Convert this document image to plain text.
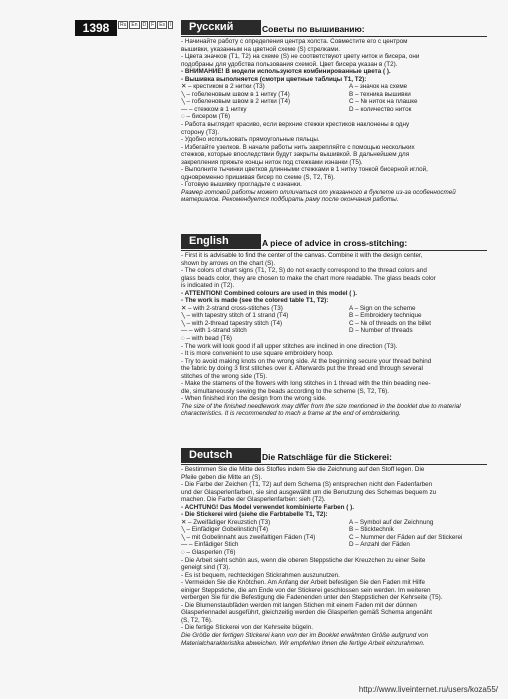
1398	Ru	En	D	F	Es	I	Русский	Советы по вышиванию:

- Начинайте работу с определения центра холста. Совместите его с центром

вышивки, указанным на цветной схеме (S) стрелками.

- Цвета значков (T1, T2) на схеме (S) не соответствуют цвету ниток и бисера, они

подобраны для удобства пользования схемой. Цвет бисера указан в (T2).

- ВНИМАНИЕ! В модели используются комбинированные цвета ( ).

- Вышивка выполняется (смотри цветные таблицы T1, T2):

✕ – крестиком в 2 нитки (T3)	A – значок на схеме
╲ – гобеленовым швом в 1 нитку (T4)	B – техника вышивки
╲ – гобеленовым швом в 2 нитки (T4)	C – № ниток на плашке
— – стежком в 1 нитку	D – количество ниток
◌ – бисером (T6)

- Работа выглядит красиво, если верхние стежки крестиков наклонены в одну

сторону (T3).

- Удобно использовать прямоугольные пяльцы.

- Избегайте узелков. В начале работы нить закрепляйте с помощью нескольких

стежков, которые впоследствии будут закрыты вышивкой. В дальнейшем для

закрепления пряжьте концы ниток под стежками изнанки (T5).

- Выполните тычинки цветков длинными стежками в 1 нитку тонкой бисерной иглой,

одновременно пришивая бисер по схеме (S, T2, T6).

- Готовую вышивку прогладьте с изнанки.

Размер готовой работы может отличаться от указанного в буклете из-за особенностей материалов. Рекомендуется подбирать раму после окончания работы.

English	A piece of advice in cross-stitching:

- First it is advisable to find the center of the canvas. Combine it with the design center,

shown by arrows on the chart (S).

- The colors of chart signs (T1, T2, S) do not exactly correspond to the thread colors and

glass beads color, they are chosen to make the chart more readable. The glass beads color

is indicated in (T2).

- ATTENTION! Combined colours are used in this model ( ).

- The work is made (see the colored table T1, T2):

✕ – with 2-strand cross-stitches (T3)	A – Sign on the scheme
╲ – with tapestry stitch of 1 strand (T4)	B – Embroidery technique
╲ – with 2-thread tapestry stitch (T4)	C – № of threads on the billet
— – with 1-strand stitch	D – Number of threads
◌ – with bead (T6)

- The work will look good if all upper stitches are inclined in one direction (T3).

- It is more convenient to use square embroidery hoop.

- Try to avoid making knots on the wrong side. At the beginning secure your thread behind

the fabric by doing 3 first stitches over it. Afterwards put the thread end through several

stitches of the wrong side (T5).

- Make the stamens of the flowers with long stitches in 1 thread with the thin beading nee-

dle, simultaneously sewing the beads according to the scheme (S, T2, T6).

- When finished iron the design from the wrong side.

The size of the finished needlework may differ from the size mentioned in the booklet due to material characteristics. It is recommended to mach a frame at the end of embroidering.

Deutsch	Die Ratschläge für die Stickerei:

- Bestimmen Sie die Mitte des Stoffes indem Sie die Zeichnung auf den Stoff legen. Die

Pfeile geben die Mitte an (S).

- Die Farbe der Zeichen (T1, T2) auf dem Schema (S) entsprechen nicht den Fadenfarben

und der Glasperlenfarben, sie sind ausgewählt um die Benutzung des Schemas bequem zu

machen. Die Farbe der Glasperlenfarben: sieh (T2).

- ACHTUNG! Das Model verwendet kombinierte Farben ( ).

- Die Stickerei wird (siehe die Farbtabelle T1, T2):

✕ – Zweifädiger Kreuzstich (T3)	A – Symbol auf der Zeichnung
╲ – Einfädiger Gobelinstich(T4)	B – Sticktechnik
╲ – mit Gobelinnaht aus zweifaltigen Fäden (T4)	C – Nummer der Fäden auf der Stickerei
— – Einfädiger Stich	D – Anzahl der Fäden
◌ – Glasperlen (T6)

- Die Arbeit sieht schön aus, wenn die oberen Steppstiche der Kreuzchen zu einer Seite

geneigt sind (T3).

- Es ist bequem, rechteckigen Stickrahmen auszunutzen.

- Vermeiden Sie die Knötchen. Am Anfang der Arbeit befestigen Sie den Faden mit Hilfe

einiger Steppstiche, die am Ende von der Stickerei geschlossen sein werden. Im weiteren

verbergen Sie für die Befestigung die Fadenenden unter den Steppstichen der Kehrseite (T5).

- Die Blumenstaubfäden werden mit langen Stichen mit einem Faden mit der dünnen

Glasperlennadel ausgeführt, gleichzeitig werden die Glasperlen gemäß Schema angenäht

(S, T2, T6).

- Die fertige Stickerei von der Kehrseite bügeln.

Die Größe der fertigen Stickerei kann von der im Booklet erwähnten Größe aufgrund von Materialcharakteristika abweichen. Wir empfehlen Ihnen die fertige Arbeit einzurahmen.

http://www.liveinternet.ru/users/koza55/
